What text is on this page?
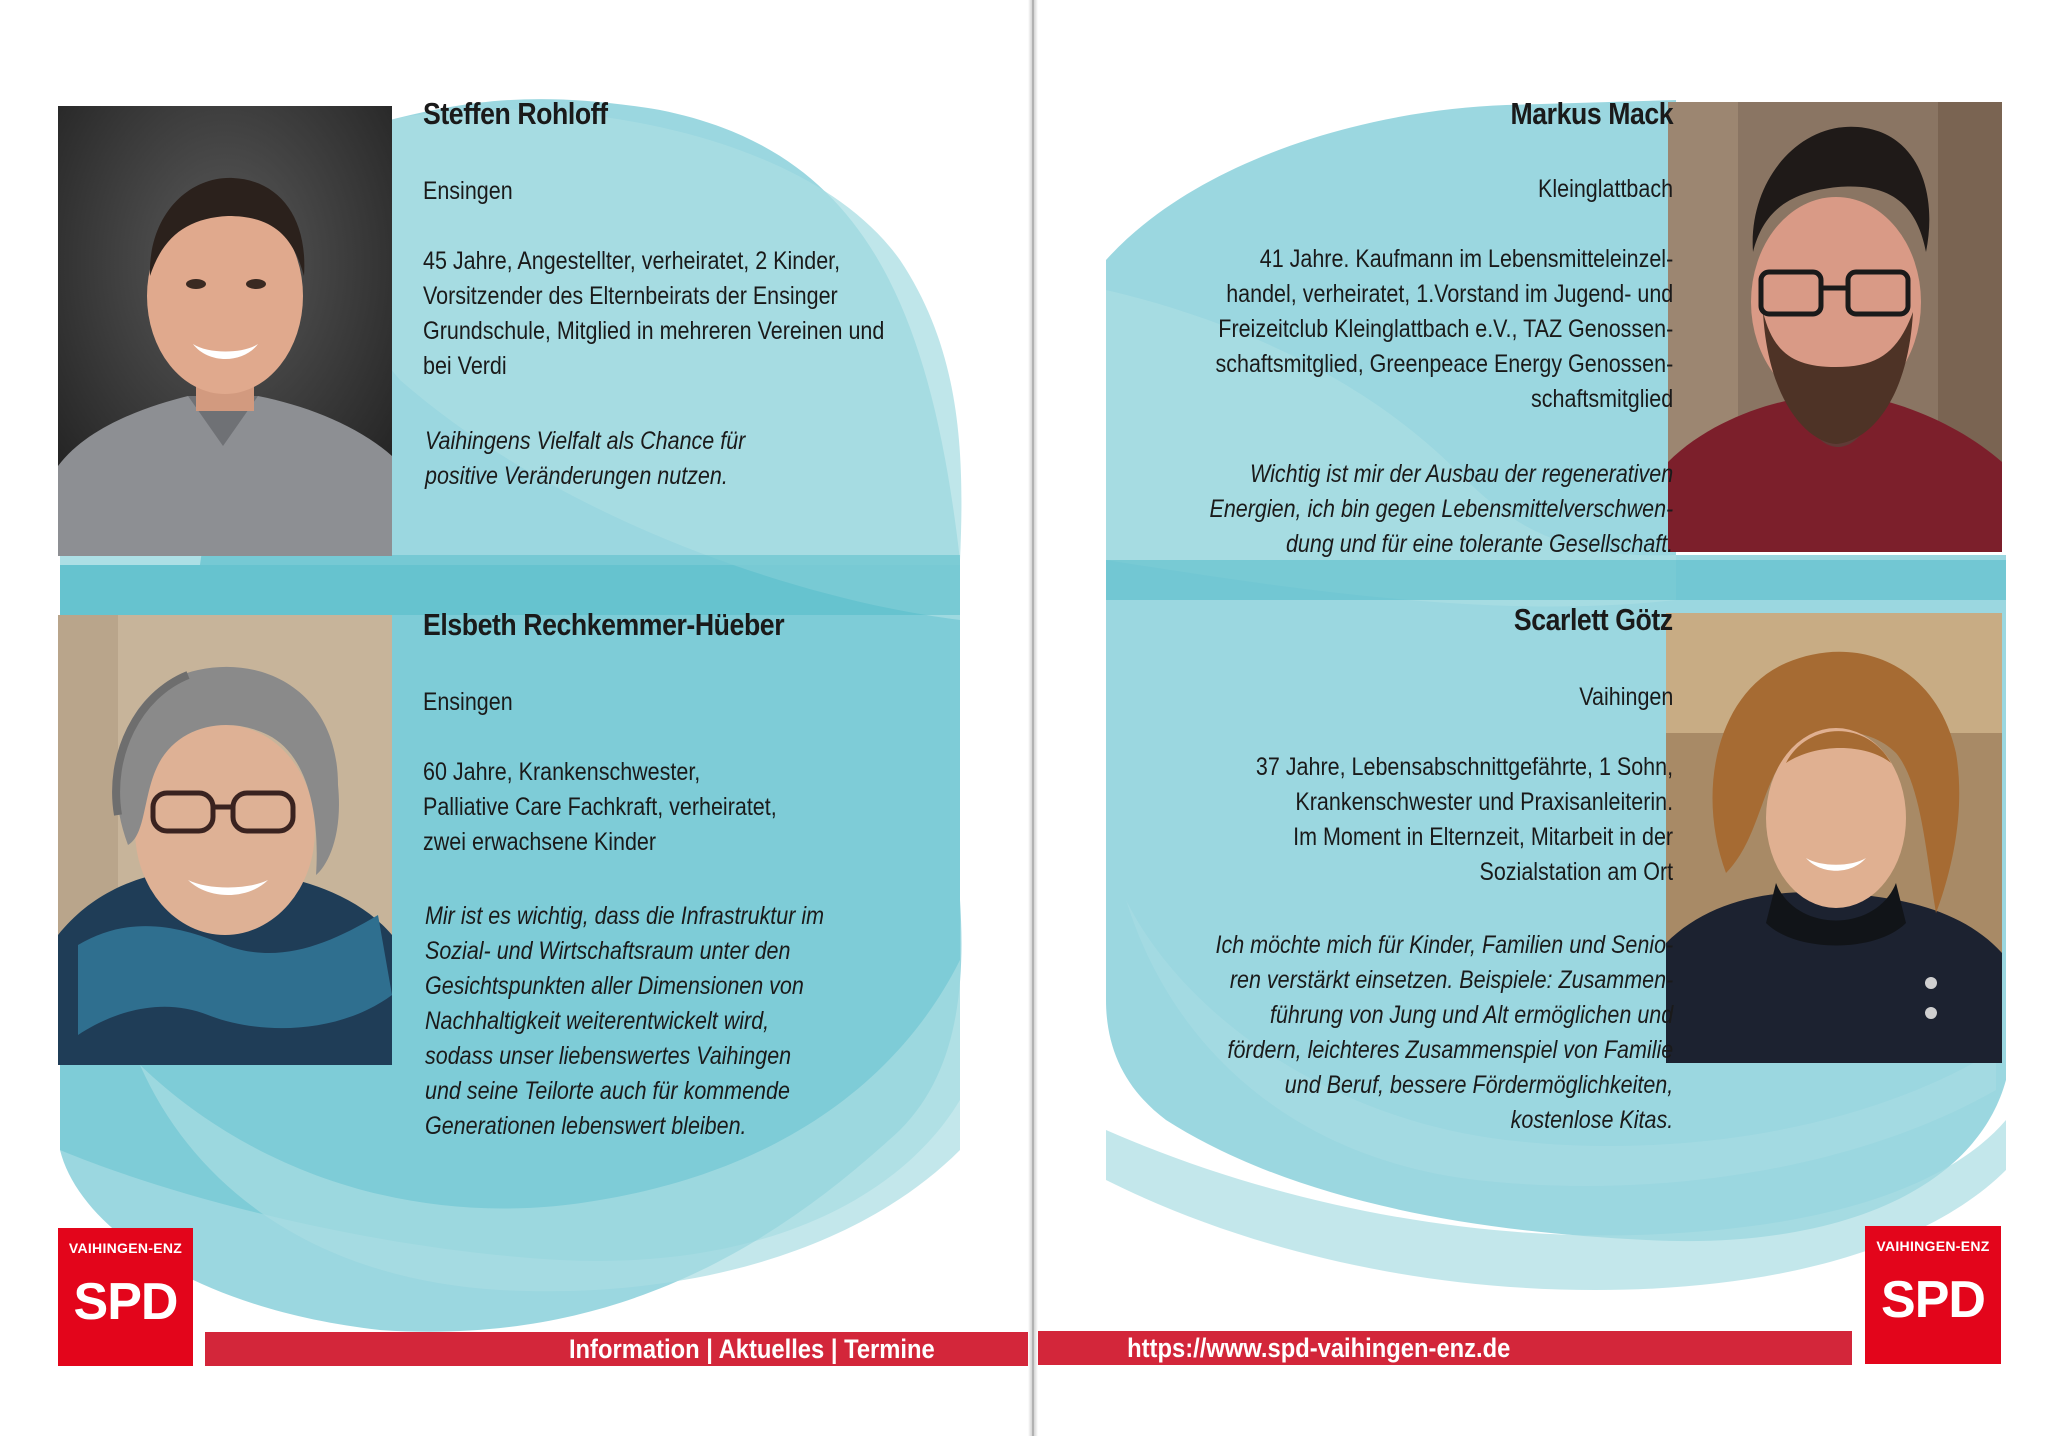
Steffen Rohloff
Ensingen
45 Jahre, Angestellter, verheiratet, 2 Kinder,
Vorsitzender des Elternbeirats der Ensinger
Grundschule, Mitglied in mehreren Vereinen und
bei Verdi
Vaihingens Vielfalt als Chance für
positive Veränderungen nutzen.
Elsbeth Rechkemmer-Hüeber
Ensingen
60 Jahre, Krankenschwester,
Palliative Care Fachkraft, verheiratet,
zwei erwachsene Kinder
Mir ist es wichtig, dass die Infrastruktur im
Sozial- und Wirtschaftsraum unter den
Gesichtspunkten aller Dimensionen von
Nachhaltigkeit weiterentwickelt wird,
sodass unser liebenswertes Vaihingen
und seine Teilorte auch für kommende
Generationen lebenswert bleiben.
VAIHINGEN-ENZ
SPD
Information | Aktuelles | Termine
Markus Mack
Kleinglattbach
41 Jahre. Kaufmann im Lebensmitteleinzel-
handel, verheiratet, 1.Vorstand im Jugend- und
Freizeitclub Kleinglattbach e.V., TAZ Genossen-
schaftsmitglied, Greenpeace Energy Genossen-
schaftsmitglied
Wichtig ist mir der Ausbau der regenerativen
Energien, ich bin gegen Lebensmittelverschwen-
dung und für eine tolerante Gesellschaft.
Scarlett Götz
Vaihingen
37 Jahre, Lebensabschnittgefährte, 1 Sohn,
Krankenschwester und Praxisanleiterin.
Im Moment in Elternzeit, Mitarbeit in der
Sozialstation am Ort
Ich möchte mich für Kinder, Familien und Senio-
ren verstärkt einsetzen. Beispiele: Zusammen-
führung von Jung und Alt ermöglichen und
fördern, leichteres Zusammenspiel von Familie
und Beruf, bessere Fördermöglichkeiten,
kostenlose Kitas.
https://www.spd-vaihingen-enz.de
VAIHINGEN-ENZ
SPD
